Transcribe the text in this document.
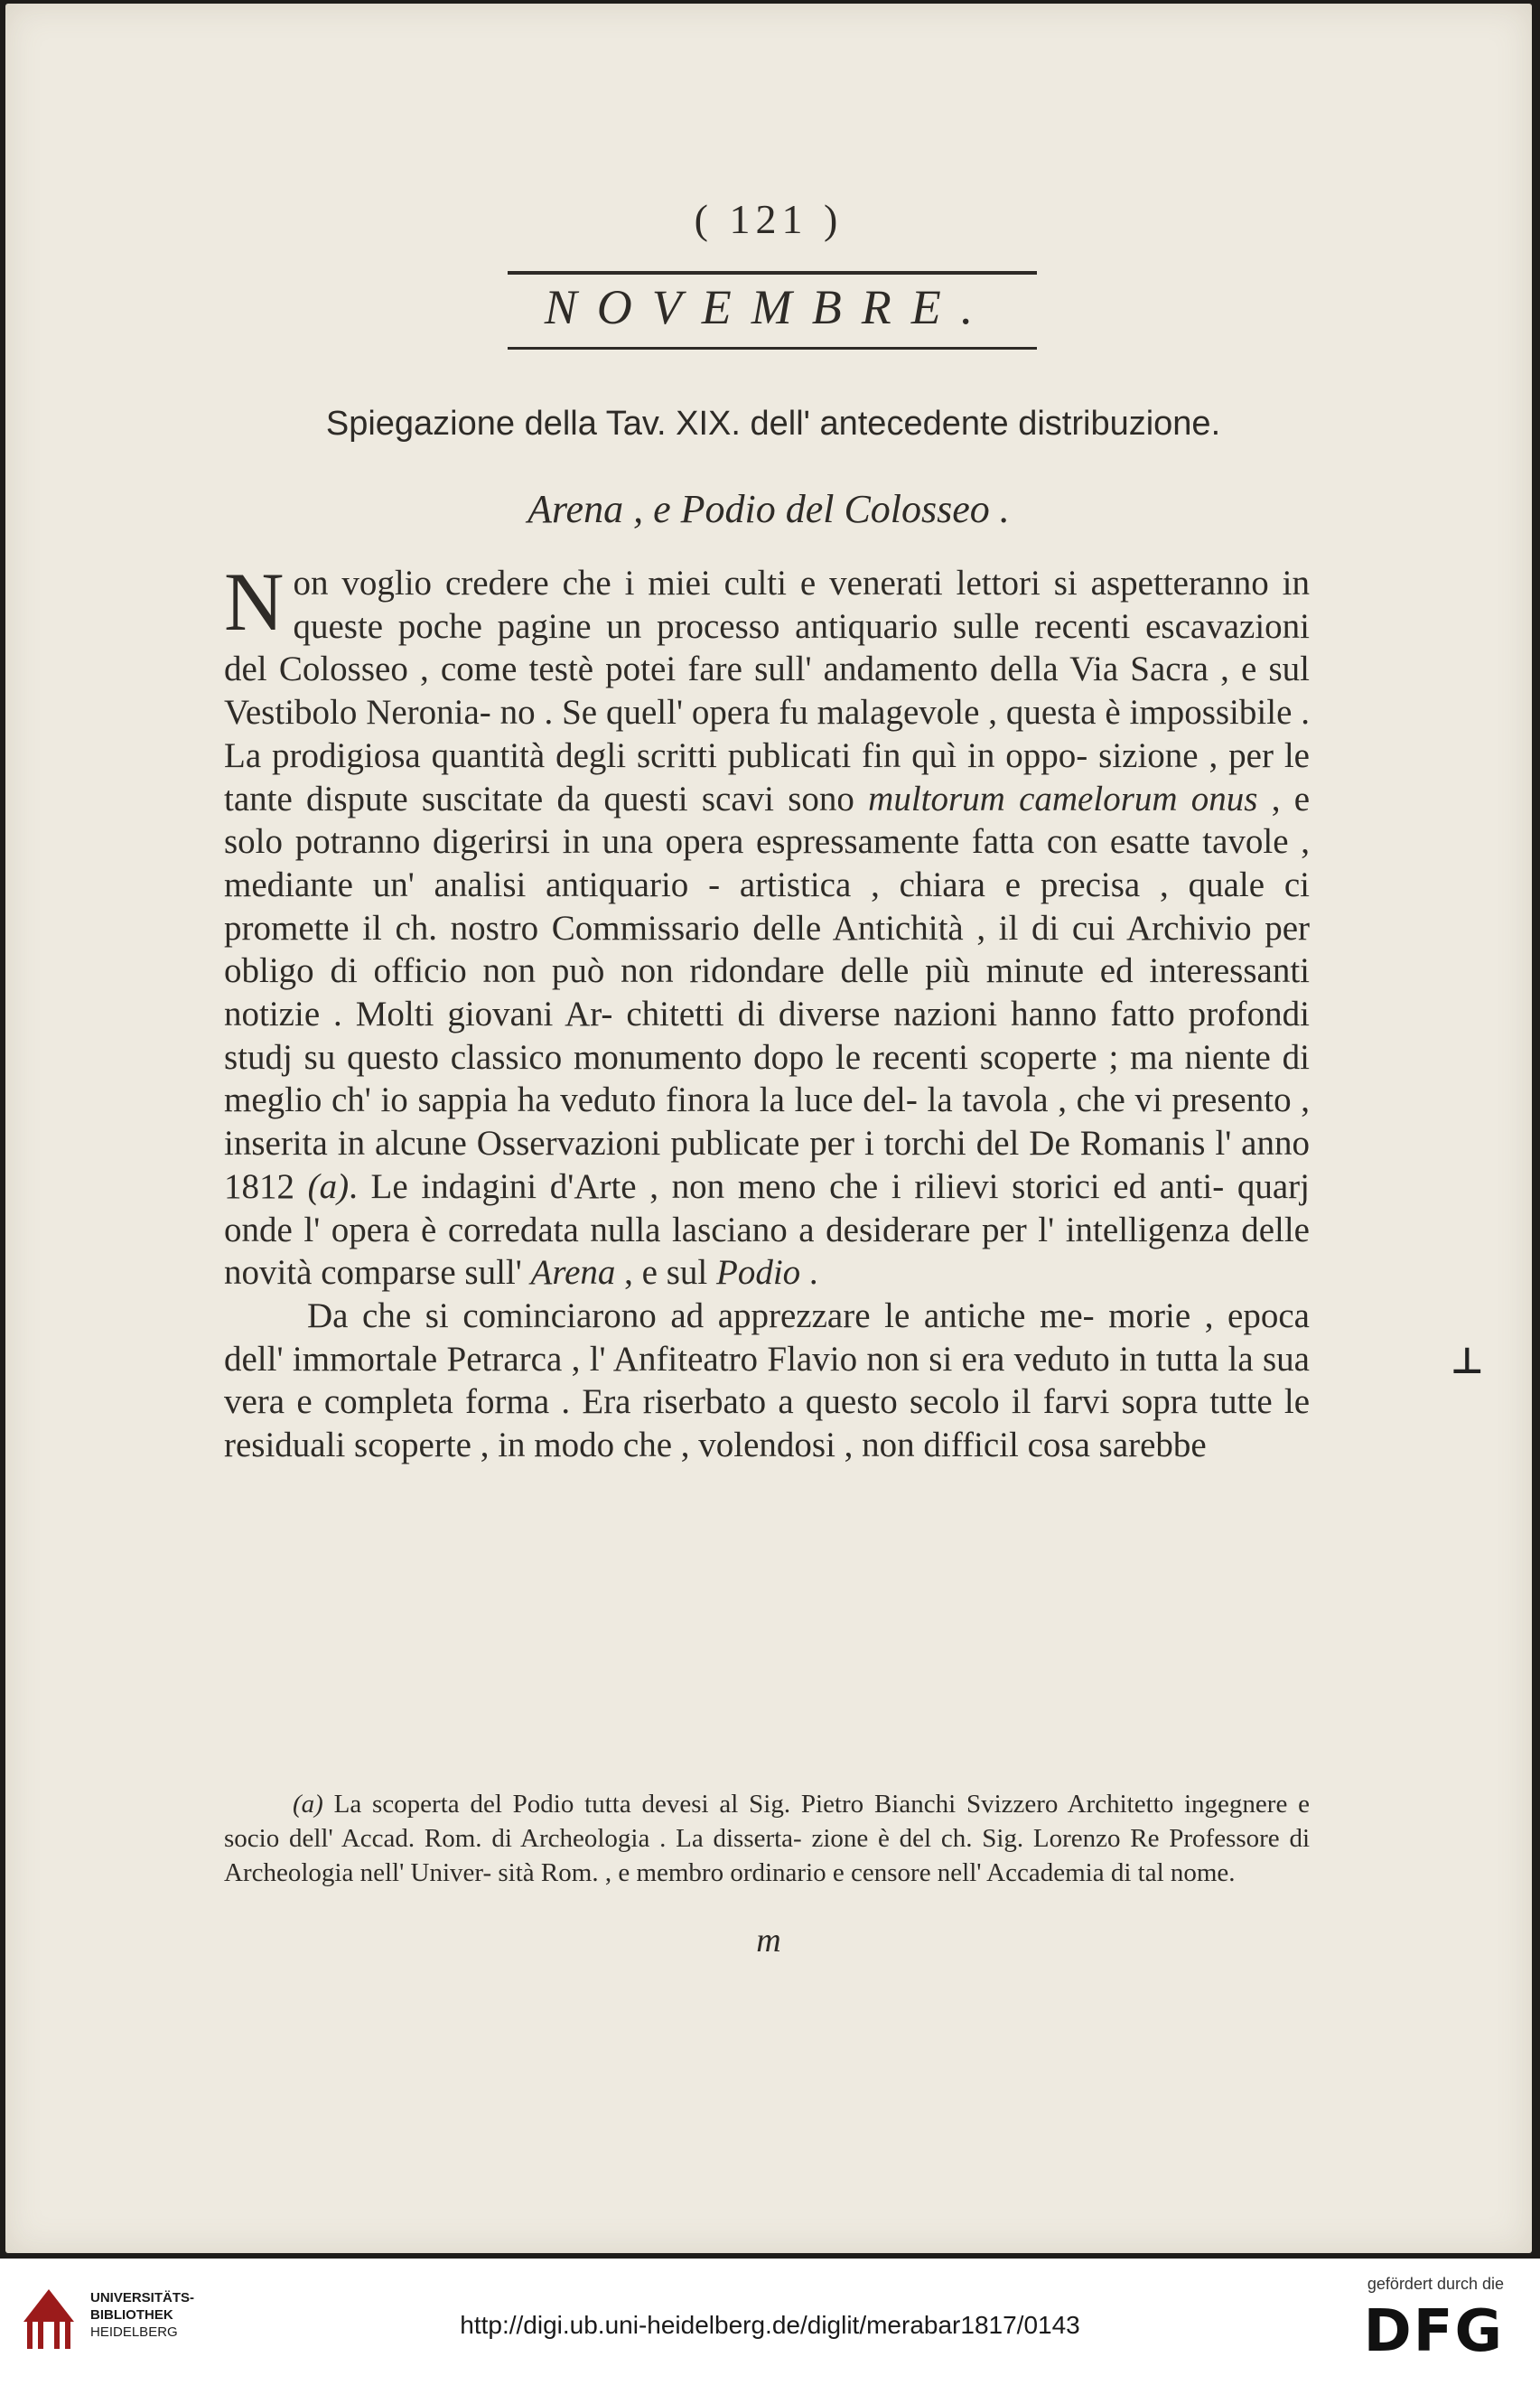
( 121 )
NOVEMBRE.
Spiegazione della Tav. XIX. dell' antecedente distribuzione.
Arena , e Podio del Colosseo .

Non voglio credere che i miei culti e venerati lettori si aspetteranno in queste poche pagine un processo antiquario sulle recenti escavazioni del Colosseo , come testè potei fare sull' andamento della Via Sacra , e sul Vestibolo Neronia- no . Se quell' opera fu malagevole , questa è impossibile . La prodigiosa quantità degli scritti publicati fin quì in oppo- sizione , per le tante dispute suscitate da questi scavi sono multorum camelorum onus , e solo potranno digerirsi in una opera espressamente fatta con esatte tavole , mediante un' analisi antiquario - artistica , chiara e precisa , quale ci promette il ch. nostro Commissario delle Antichità , il di cui Archivio per obligo di officio non può non ridondare delle più minute ed interessanti notizie . Molti giovani Ar- chitetti di diverse nazioni hanno fatto profondi studj su questo classico monumento dopo le recenti scoperte ; ma niente di meglio ch' io sappia ha veduto finora la luce del- la tavola , che vi presento , inserita in alcune Osservazioni publicate per i torchi del De Romanis l' anno 1812 (a). Le indagini d'Arte , non meno che i rilievi storici ed anti- quarj onde l' opera è corredata nulla lasciano a desiderare per l' intelligenza delle novità comparse sull' Arena , e sul Podio .

Da che si cominciarono ad apprezzare le antiche me- morie , epoca dell' immortale Petrarca , l' Anfiteatro Flavio non si era veduto in tutta la sua vera e completa forma . Era riserbato a questo secolo il farvi sopra tutte le residuali scoperte , in modo che , volendosi , non difficil cosa sarebbe

(a) La scoperta del Podio tutta devesi al Sig. Pietro Bianchi Svizzero Architetto ingegnere e socio dell' Accad. Rom. di Archeologia . La disserta- zione è del ch. Sig. Lorenzo Re Professore di Archeologia nell' Univer- sità Rom. , e membro ordinario e censore nell' Accademia di tal nome.

m
⊥
UNIVERSITÄTS-
BIBLIOTHEK
HEIDELBERG	http://digi.ub.uni-heidelberg.de/diglit/merabar1817/0143
gefördert durch die
DFG
